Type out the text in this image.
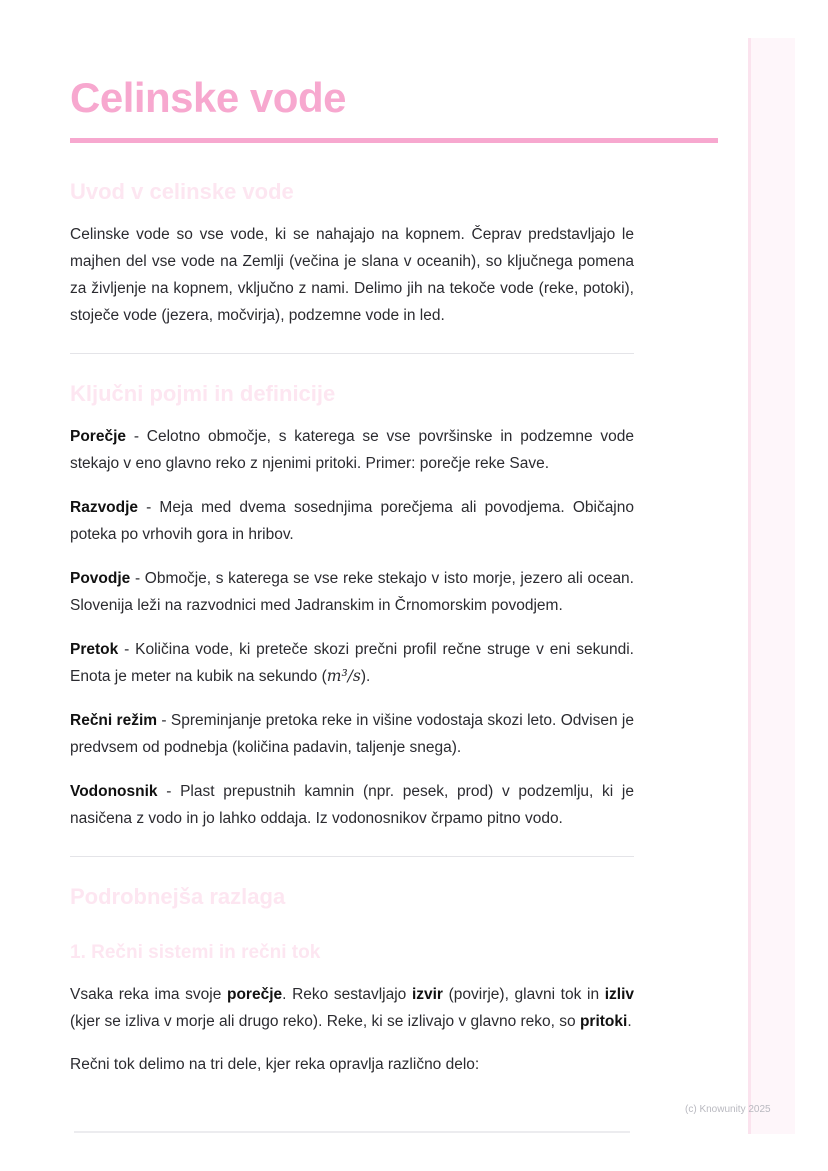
Celinske vode
Uvod v celinske vode

Celinske vode so vse vode, ki se nahajajo na kopnem. Čeprav predstavljajo le majhen del vse vode na Zemlji (večina je slana v oceanih), so ključnega pomena za življenje na kopnem, vključno z nami. Delimo jih na tekoče vode (reke, potoki), stoječe vode (jezera, močvirja), podzemne vode in led.

Ključni pojmi in definicije

Porečje - Celotno območje, s katerega se vse površinske in podzemne vode stekajo v eno glavno reko z njenimi pritoki. Primer: porečje reke Save.

Razvodje - Meja med dvema sosednjima porečjema ali povodjema. Običajno poteka po vrhovih gora in hribov.

Povodje - Območje, s katerega se vse reke stekajo v isto morje, jezero ali ocean. Slovenija leži na razvodnici med Jadranskim in Črnomorskim povodjem.

Pretok - Količina vode, ki preteče skozi prečni profil rečne struge v eni sekundi. Enota je meter na kubik na sekundo (m³/s).

Rečni režim - Spreminjanje pretoka reke in višine vodostaja skozi leto. Odvisen je predvsem od podnebja (količina padavin, taljenje snega).

Vodonosnik - Plast prepustnih kamnin (npr. pesek, prod) v podzemlju, ki je nasičena z vodo in jo lahko oddaja. Iz vodonosnikov črpamo pitno vodo.

Podrobnejša razlaga
1. Rečni sistemi in rečni tok

Vsaka reka ima svoje porečje. Reko sestavljajo izvir (povirje), glavni tok in izliv (kjer se izliva v morje ali drugo reko). Reke, ki se izlivajo v glavno reko, so pritoki.

Rečni tok delimo na tri dele, kjer reka opravlja različno delo:

(c) Knowunity 2025
